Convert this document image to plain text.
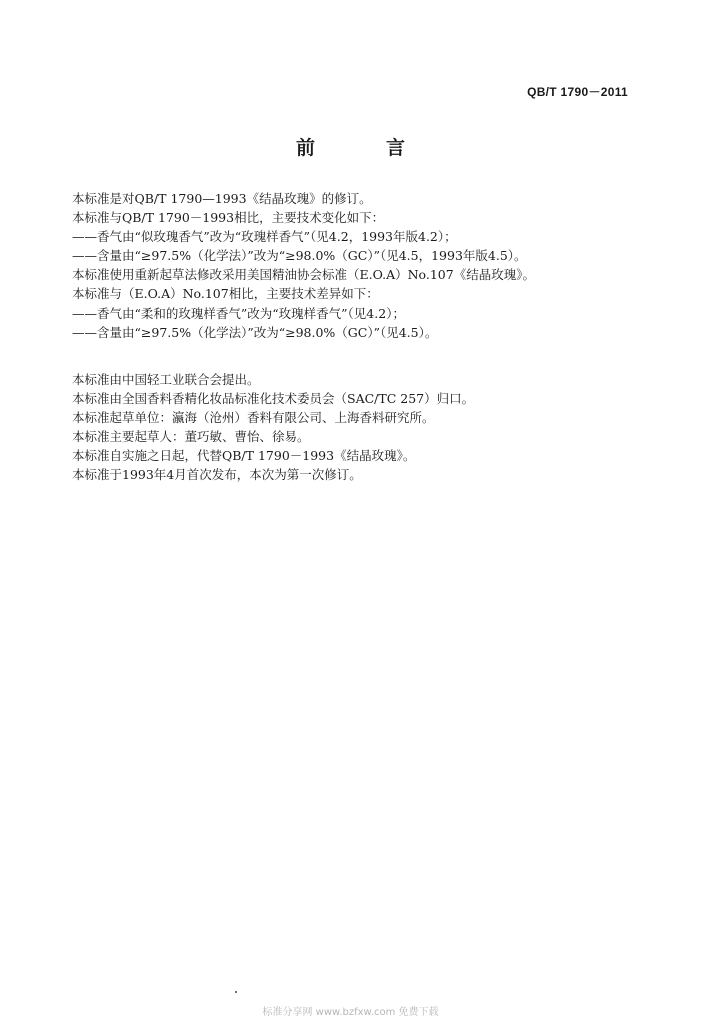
QB/T 1790－2011
前　言

本标准是对QB/T 1790—1993《结晶玫瑰》的修订。

本标准与QB/T 1790－1993相比，主要技术变化如下：

——香气由“似玫瑰香气”改为“玫瑰样香气”（见4.2，1993年版4.2）；

——含量由“≥97.5%（化学法）”改为“≥98.0%（GC）”（见4.5，1993年版4.5）。

本标准使用重新起草法修改采用美国精油协会标准（E.O.A）No.107《结晶玫瑰》。

本标准与（E.O.A）No.107相比，主要技术差异如下：

——香气由“柔和的玫瑰样香气”改为“玫瑰样香气”（见4.2）；

——含量由“≥97.5%（化学法）”改为“≥98.0%（GC）”（见4.5）。

本标准由中国轻工业联合会提出。

本标准由全国香料香精化妆品标准化技术委员会（SAC/TC 257）归口。

本标准起草单位：瀛海（沧州）香料有限公司、上海香料研究所。

本标准主要起草人：董巧敏、曹怡、徐易。

本标准自实施之日起，代替QB/T 1790－1993《结晶玫瑰》。

本标准于1993年4月首次发布，本次为第一次修订。

标准分享网 www.bzfxw.com 免费下载
